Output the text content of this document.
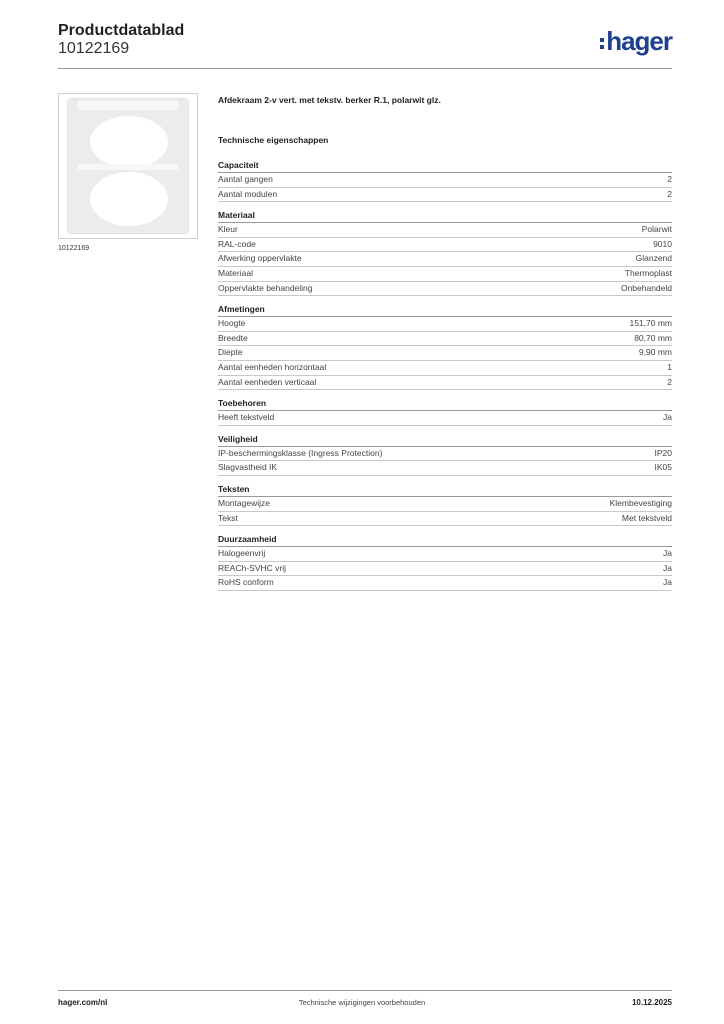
Productdatablad
10122169	hager
10122169
Afdekraam 2-v vert. met tekstv. berker R.1, polarwit glz.
Technische eigenschappen
Capaciteit
Aantal gangen	2
Aantal modulen	2
Materiaal
Kleur	Polarwit
RAL-code	9010
Afwerking oppervlakte	Glanzend
Materiaal	Thermoplast
Oppervlakte behandeling	Onbehandeld
Afmetingen
Hoogte	151,70 mm
Breedte	80,70 mm
Diepte	9,90 mm
Aantal eenheden horizontaal	1
Aantal eenheden verticaal	2
Toebehoren
Heeft tekstveld	Ja
Veiligheid
IP-beschermingsklasse (Ingress Protection)	IP20
Slagvastheid IK	IK05
Teksten
Montagewijze	Klembevestiging
Tekst	Met tekstveld
Duurzaamheid
Halogeenvrij	Ja
REACh-SVHC vrij	Ja
RoHS conform	Ja
hager.com/nl	Technische wijzigingen voorbehouden	10.12.2025
